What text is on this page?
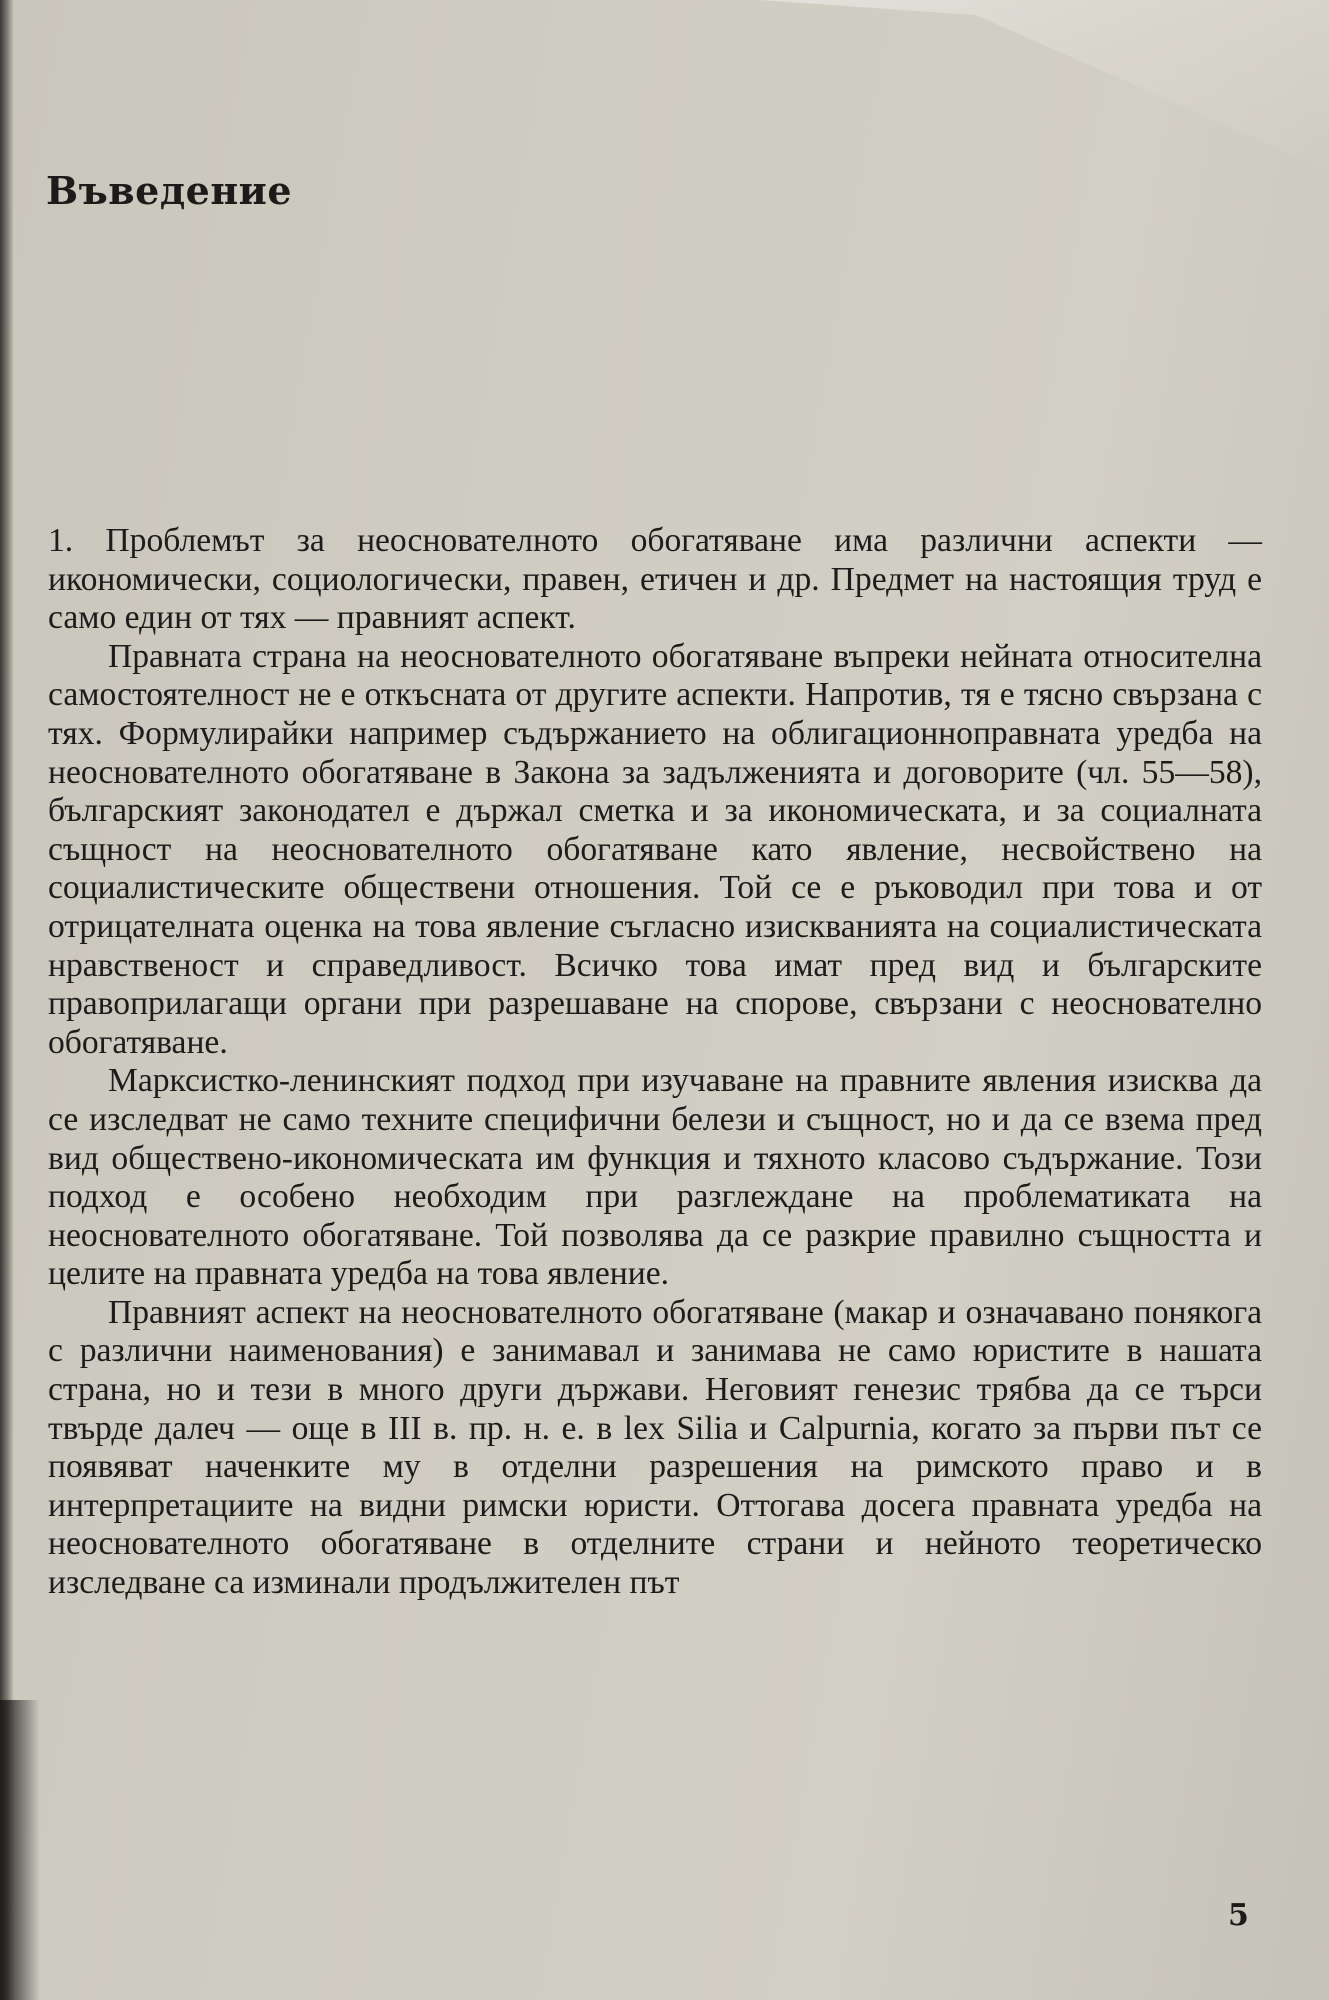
Въведение

1. Проблемът за неоснователното обогатяване има различни аспекти — икономически, социологически, правен, етичен и др. Предмет на настоящия труд е само един от тях — правният аспект.

Правната страна на неоснователното обогатяване въпреки нейната относителна самостоятелност не е откъсната от другите аспекти. Напротив, тя е тясно свързана с тях. Формулирайки например съдържанието на облигационноправната уредба на неоснователното обогатяване в Закона за задълженията и договорите (чл. 55—58), българският законодател е държал сметка и за икономическата, и за социалната същност на неоснователното обогатяване като явление, несвойствено на социалистическите обществени отношения. Той се е ръководил при това и от отрицателната оценка на това явление съгласно изискванията на социалистическата нравственост и справедливост. Всичко това имат пред вид и българските правоприлагащи органи при разрешаване на спорове, свързани с неоснователно обогатяване.

Марксистко-ленинският подход при изучаване на правните явления изисква да се изследват не само техните специфични белези и същност, но и да се взема пред вид обществено-икономическата им функция и тяхното класово съдържание. Този подход е особено необходим при разглеждане на проблематиката на неоснователното обогатяване. Той позволява да се разкрие правилно същността и целите на правната уредба на това явление.

Правният аспект на неоснователното обогатяване (макар и означавано понякога с различни наименования) е занимавал и занимава не само юристите в нашата страна, но и тези в много други държави. Неговият генезис трябва да се търси твърде далеч — още в III в. пр. н. е. в lex Silia и Calpurnia, когато за първи път се появяват наченките му в отделни разрешения на римското право и в интерпретациите на видни римски юристи. Оттогава досега правната уредба на неоснователното обогатяване в отделните страни и нейното теоретическо изследване са изминали продължителен път

5
